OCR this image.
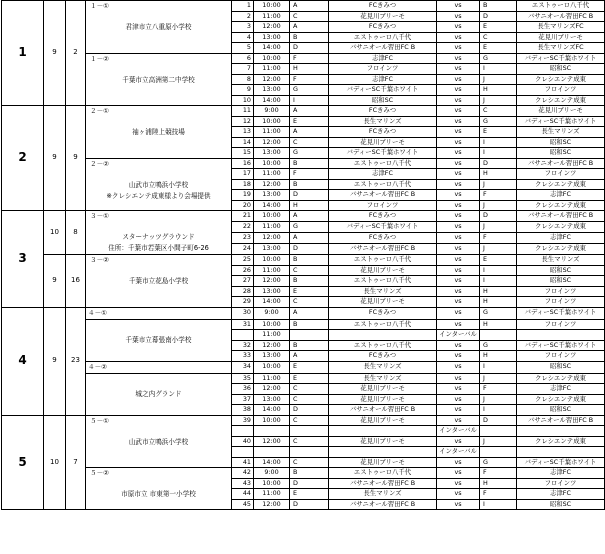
1	9	2	１－①

君津市立八重原小学校	1	10:00	A	FCきみつ	vs	B	エストゥーロ八千代
				2	11:00	C	花見川ブリーモ	vs	D	バサニオール習田FC B
				3	12:00	A	FCきみつ	vs	E	長生マリンズFC
				4	13:00	B	エストゥーロ八千代	vs	C	花見川ブリーモ
				5	14:00	D	バサニオール習田FC B	vs	E	長生マリンズFC

			１－②

千葉市立高洲第二中学校	6	10:00	F	志津FC	vs	G	バディーSC千葉ホワイト
				7	11:00	H	フロインツ	vs	I	昭和SC
				8	12:00	F	志津FC	vs	J	クレシエンテ成東
				9	13:00	G	バディーSC千葉ホワイト	vs	H	フロインツ
				10	14:00	I	昭和SC	vs	J	クレシエンテ成東
2	9	9	２－①

袖ヶ浦陸上競技場	11	9:00	A	FCきみつ	vs	C	花見川ブリーモ
				12	10:00	E	長生マリンズ	vs	G	バディーSC千葉ホワイト
				13	11:00	A	FCきみつ	vs	E	長生マリンズ
				14	12:00	C	花見川ブリーモ	vs	I	昭和SC
				15	13:00	G	バディーSC千葉ホワイト	vs	I	昭和SC

			２－②

山武市立鳴浜小学校
※クレシエンテ成東様より会場提供	16	10:00	B	エストゥーロ八千代	vs	D	バサニオール習田FC B
				17	11:00	F	志津FC	vs	H	フロインツ
				18	12:00	B	エストゥーロ八千代	vs	J	クレシエンテ成東
				19	13:00	D	バサニオール習田FC B	vs	F	志津FC
				20	14:00	H	フロインツ	vs	J	クレシエンテ成東
3	10	8	３－①

スターナッツグラウンド
住所：千葉市若葉区小間子町6-26	21	10:00	A	FCきみつ	vs	D	バサニオール習田FC B
				22	11:00	G	バディーSC千葉ホワイト	vs	J	クレシエンテ成東
				23	12:00	A	FCきみつ	vs	F	志津FC
				24	13:00	D	バサニオール習田FC B	vs	J	クレシエンテ成東
	9	16	３－②

千葉市立花島小学校	25	10:00	B	エストゥーロ八千代	vs	E	長生マリンズ
				26	11:00	C	花見川ブリーモ	vs	I	昭和SC
				27	12:00	B	エストゥーロ八千代	vs	I	昭和SC
				28	13:00	E	長生マリンズ	vs	H	フロインツ
				29	14:00	C	花見川ブリーモ	vs	H	フロインツ
4	9	23	４－①	30	9:00	A	FCきみつ	vs	G	バディーSC千葉ホワイト

			千葉市立幕張南小学校	31	10:00	B	エストゥーロ八千代	vs	H	フロインツ
					11:00			インターバル		
				32	12:00	B	エストゥーロ八千代	vs	G	バディーSC千葉ホワイト
				33	13:00	A	FCきみつ	vs	H	フロインツ
			４－②	34	10:00	E	長生マリンズ	vs	I	昭和SC

			城之内グランド	35	11:00	E	長生マリンズ	vs	J	クレシエンテ成東
				36	12:00	C	花見川ブリーモ	vs	F	志津FC
				37	13:00	C	花見川ブリーモ	vs	J	クレシエンテ成東
				38	14:00	D	バサニオール習田FC B	vs	I	昭和SC
5	10	7	５－①

山武市立鳴浜小学校	39	10:00	C	花見川ブリーモ	vs	D	バサニオール習田FC B
								インターバル		
				40	12:00	C	花見川ブリーモ	vs	J	クレシエンテ成東
								インターバル		
				41	14:00	C	花見川ブリーモ	vs	G	バディーSC千葉ホワイト

			５－②

市原市立 市東第一小学校	42	9:00	B	エストゥーロ八千代	vs	F	志津FC
				43	10:00	D	バサニオール習田FC B	vs	H	フロインツ
				44	11:00	E	長生マリンズ	vs	F	志津FC
				45	12:00	D	バサニオール習田FC B	vs	I	昭和SC
